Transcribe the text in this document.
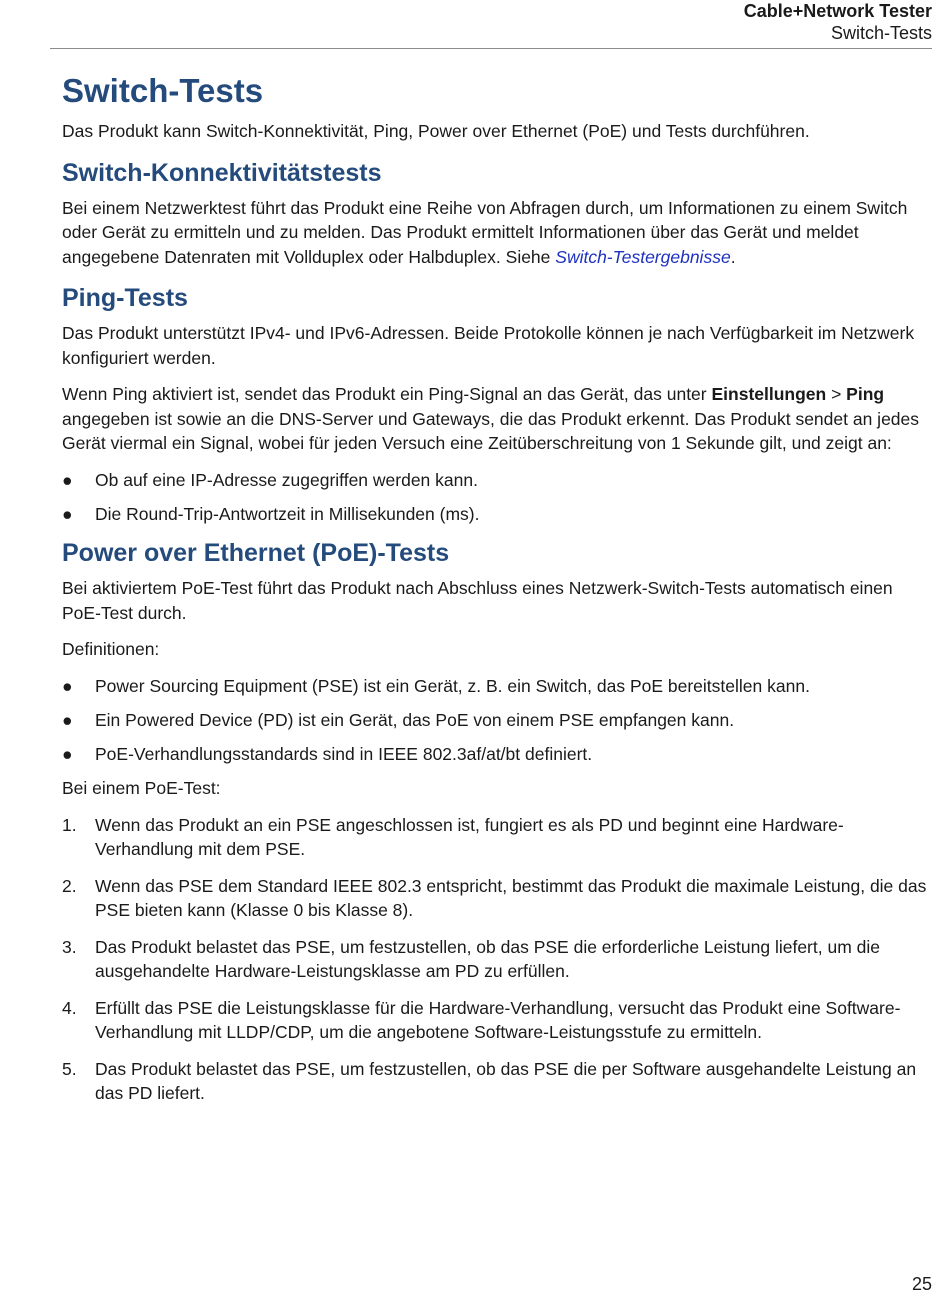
Cable+Network Tester
Switch-Tests
Switch-Tests

Das Produkt kann Switch-Konnektivität, Ping, Power over Ethernet (PoE) und Tests durchführen.

Switch-Konnektivitätstests

Bei einem Netzwerktest führt das Produkt eine Reihe von Abfragen durch, um Informationen zu einem Switch oder Gerät zu ermitteln und zu melden. Das Produkt ermittelt Informationen über das Gerät und meldet angegebene Datenraten mit Vollduplex oder Halbduplex. Siehe Switch-Testergebnisse.

Ping-Tests

Das Produkt unterstützt IPv4- und IPv6-Adressen. Beide Protokolle können je nach Verfügbarkeit im Netzwerk konfiguriert werden.

Wenn Ping aktiviert ist, sendet das Produkt ein Ping-Signal an das Gerät, das unter Einstellungen > Ping angegeben ist sowie an die DNS-Server und Gateways, die das Produkt erkennt. Das Produkt sendet an jedes Gerät viermal ein Signal, wobei für jeden Versuch eine Zeitüberschreitung von 1 Sekunde gilt, und zeigt an:

● Ob auf eine IP-Adresse zugegriffen werden kann.
● Die Round-Trip-Antwortzeit in Millisekunden (ms).
Power over Ethernet (PoE)-Tests

Bei aktiviertem PoE-Test führt das Produkt nach Abschluss eines Netzwerk-Switch-Tests automatisch einen PoE-Test durch.

Definitionen:

● Power Sourcing Equipment (PSE) ist ein Gerät, z. B. ein Switch, das PoE bereitstellen kann.
● Ein Powered Device (PD) ist ein Gerät, das PoE von einem PSE empfangen kann.
● PoE-Verhandlungsstandards sind in IEEE 802.3af/at/bt definiert.

Bei einem PoE-Test:

1. Wenn das Produkt an ein PSE angeschlossen ist, fungiert es als PD und beginnt eine Hardware-Verhandlung mit dem PSE.
2. Wenn das PSE dem Standard IEEE 802.3 entspricht, bestimmt das Produkt die maximale Leistung, die das PSE bieten kann (Klasse 0 bis Klasse 8).
3. Das Produkt belastet das PSE, um festzustellen, ob das PSE die erforderliche Leistung liefert, um die ausgehandelte Hardware-Leistungsklasse am PD zu erfüllen.
4. Erfüllt das PSE die Leistungsklasse für die Hardware-Verhandlung, versucht das Produkt eine Software-Verhandlung mit LLDP/CDP, um die angebotene Software-Leistungsstufe zu ermitteln.
5. Das Produkt belastet das PSE, um festzustellen, ob das PSE die per Software ausgehandelte Leistung an das PD liefert.
25
